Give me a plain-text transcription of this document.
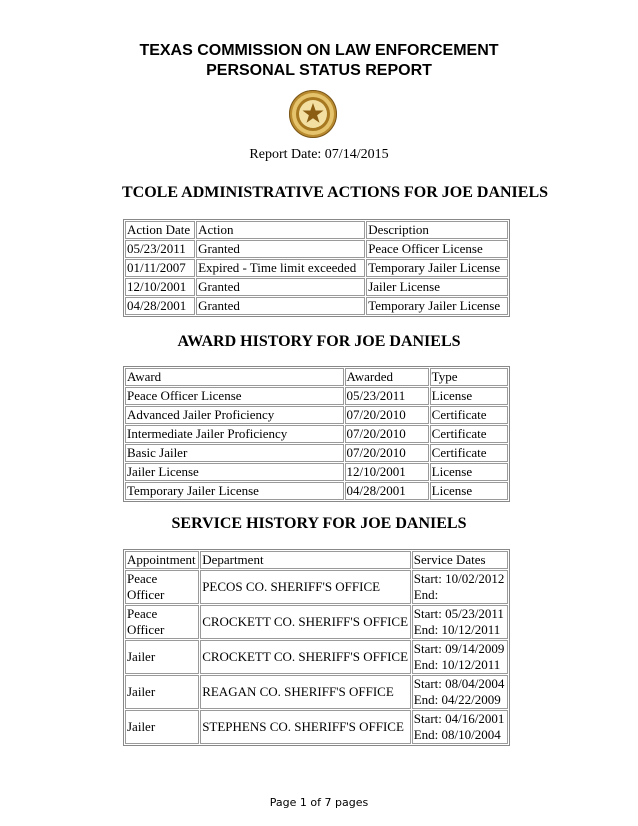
TEXAS COMMISSION ON LAW ENFORCEMENT
PERSONAL STATUS REPORT
Report Date: 07/14/2015
TCOLE ADMINISTRATIVE ACTIONS FOR JOE DANIELS
Action Date	Action	Description
05/23/2011	Granted	Peace Officer License
01/11/2007	Expired - Time limit exceeded	Temporary Jailer License
12/10/2001	Granted	Jailer License
04/28/2001	Granted	Temporary Jailer License
AWARD HISTORY FOR JOE DANIELS
Award	Awarded	Type
Peace Officer License	05/23/2011	License
Advanced Jailer Proficiency	07/20/2010	Certificate
Intermediate Jailer Proficiency	07/20/2010	Certificate
Basic Jailer	07/20/2010	Certificate
Jailer License	12/10/2001	License
Temporary Jailer License	04/28/2001	License
SERVICE HISTORY FOR JOE DANIELS
Appointment	Department	Service Dates
Peace Officer	PECOS CO. SHERIFF'S OFFICE	Start: 10/02/2012
End:

Peace Officer	CROCKETT CO. SHERIFF'S OFFICE	Start: 05/23/2011
End: 10/12/2011

Jailer	CROCKETT CO. SHERIFF'S OFFICE	Start: 09/14/2009
End: 10/12/2011

Jailer	REAGAN CO. SHERIFF'S OFFICE	Start: 08/04/2004
End: 04/22/2009

Jailer	STEPHENS CO. SHERIFF'S OFFICE	Start: 04/16/2001
End: 08/10/2004
Page 1 of 7 pages
